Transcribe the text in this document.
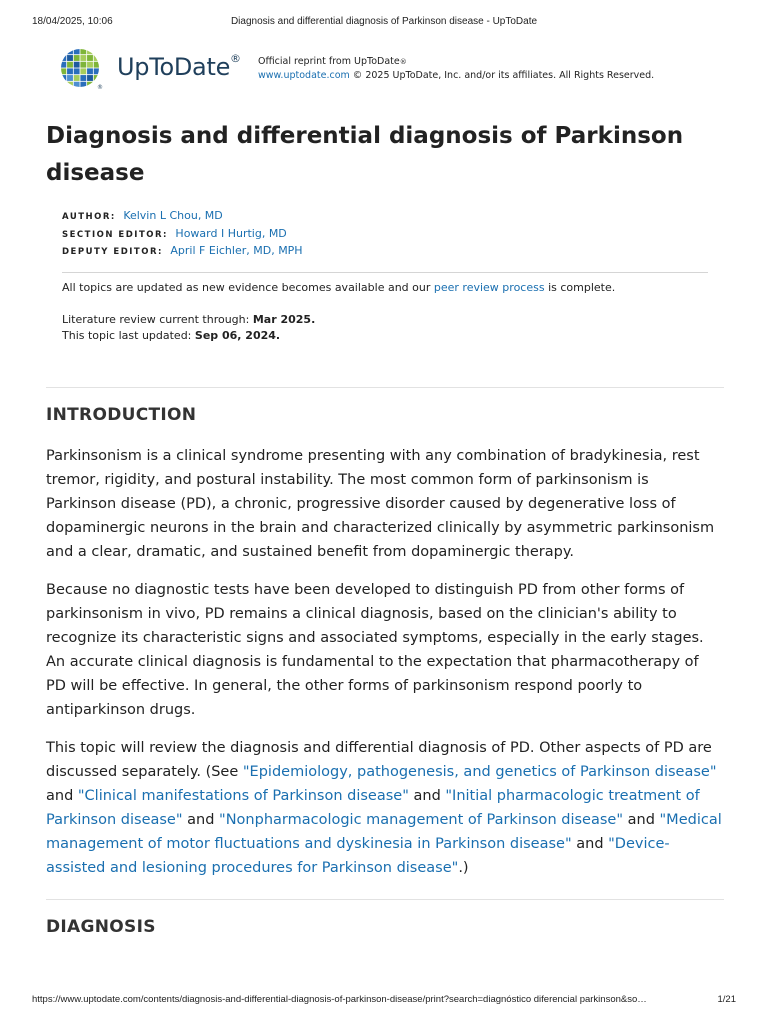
18/04/2025, 10:06	Diagnosis and differential diagnosis of Parkinson disease - UpToDate
®
UpToDate® Official reprint from UpToDate®
www.uptodate.com © 2025 UpToDate, Inc. and/or its affiliates. All Rights Reserved.
Diagnosis and differential diagnosis of Parkinson disease
AUTHOR: Kelvin L Chou, MD
SECTION EDITOR: Howard I Hurtig, MD
DEPUTY EDITOR: April F Eichler, MD, MPH

All topics are updated as new evidence becomes available and our peer review process is complete.

Literature review current through: Mar 2025.

This topic last updated: Sep 06, 2024.

INTRODUCTION

Parkinsonism is a clinical syndrome presenting with any combination of bradykinesia, rest tremor, rigidity, and postural instability. The most common form of parkinsonism is Parkinson disease (PD), a chronic, progressive disorder caused by degenerative loss of dopaminergic neurons in the brain and characterized clinically by asymmetric parkinsonism and a clear, dramatic, and sustained benefit from dopaminergic therapy.

Because no diagnostic tests have been developed to distinguish PD from other forms of parkinsonism in vivo, PD remains a clinical diagnosis, based on the clinician's ability to recognize its characteristic signs and associated symptoms, especially in the early stages. An accurate clinical diagnosis is fundamental to the expectation that pharmacotherapy of PD will be effective. In general, the other forms of parkinsonism respond poorly to antiparkinson drugs.

This topic will review the diagnosis and differential diagnosis of PD. Other aspects of PD are discussed separately. (See "Epidemiology, pathogenesis, and genetics of Parkinson disease" and "Clinical manifestations of Parkinson disease" and "Initial pharmacologic treatment of Parkinson disease" and "Nonpharmacologic management of Parkinson disease" and "Medical management of motor fluctuations and dyskinesia in Parkinson disease" and "Device-assisted and lesioning procedures for Parkinson disease".)

DIAGNOSIS
https://www.uptodate.com/contents/diagnosis-and-differential-diagnosis-of-parkinson-disease/print?search=diagnóstico diferencial parkinson&so…	1/21
